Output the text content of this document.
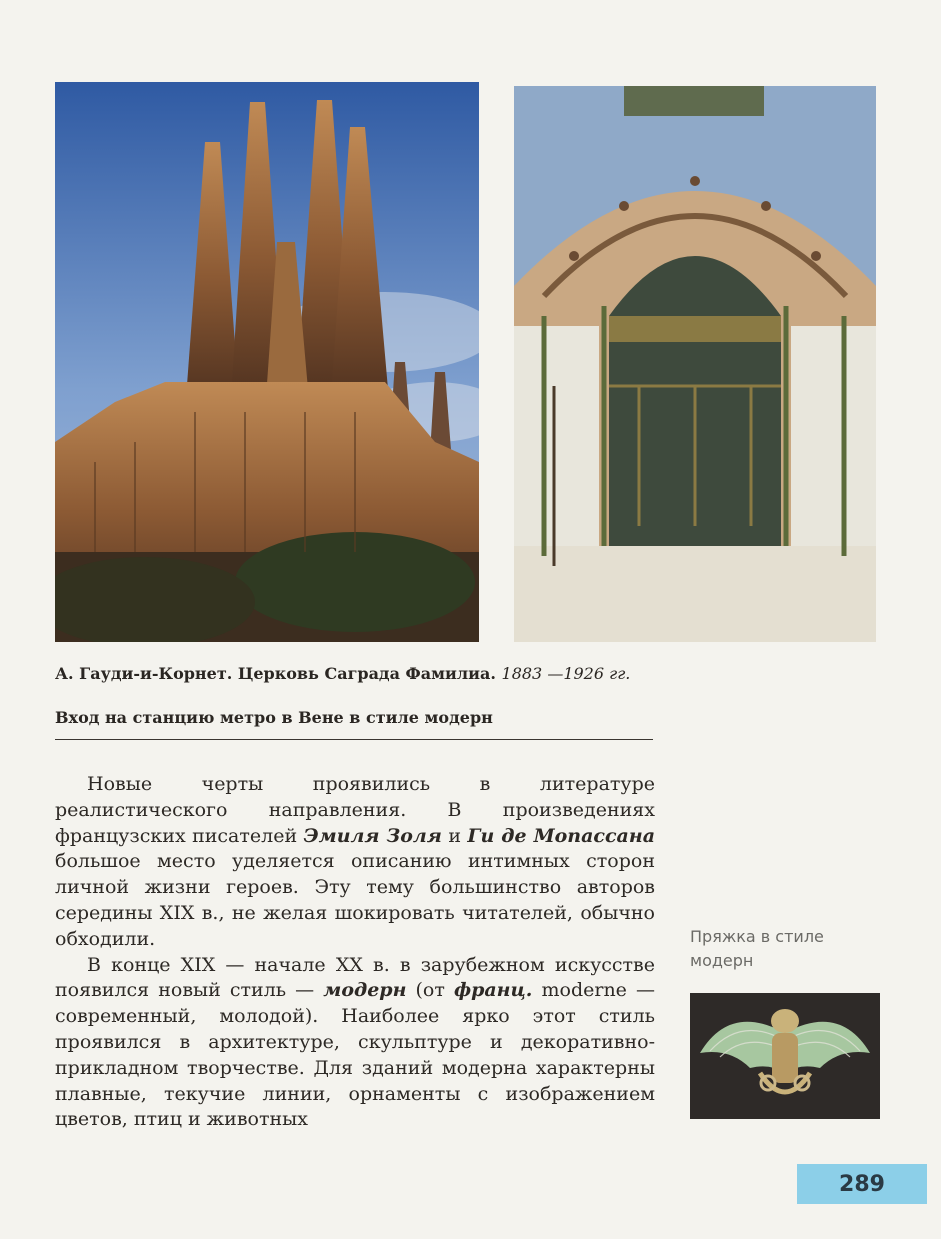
А. Гауди-и-Корнет. Церковь Саграда Фамилиа. 1883 —1926 гг.
Вход на станцию метро в Вене в стиле модерн

Новые черты проявились в литературе реалистического направления. В произведениях французских писателей Эмиля Золя и Ги де Мопассана большое место уделяется описанию интимных сторон личной жизни героев. Эту тему большинство авторов середины XIX в., не желая шокировать читателей, обычно обходили.

В конце XIX — начале XX в. в зарубежном искусстве появился новый стиль — модерн (от франц. moderne — современный, молодой). Наиболее ярко этот стиль проявился в архитектуре, скульптуре и декоративно-прикладном творчестве. Для зданий модерна характерны плавные, текучие линии, орнаменты с изображением цветов, птиц и животных

Пряжка в стиле модерн
289
